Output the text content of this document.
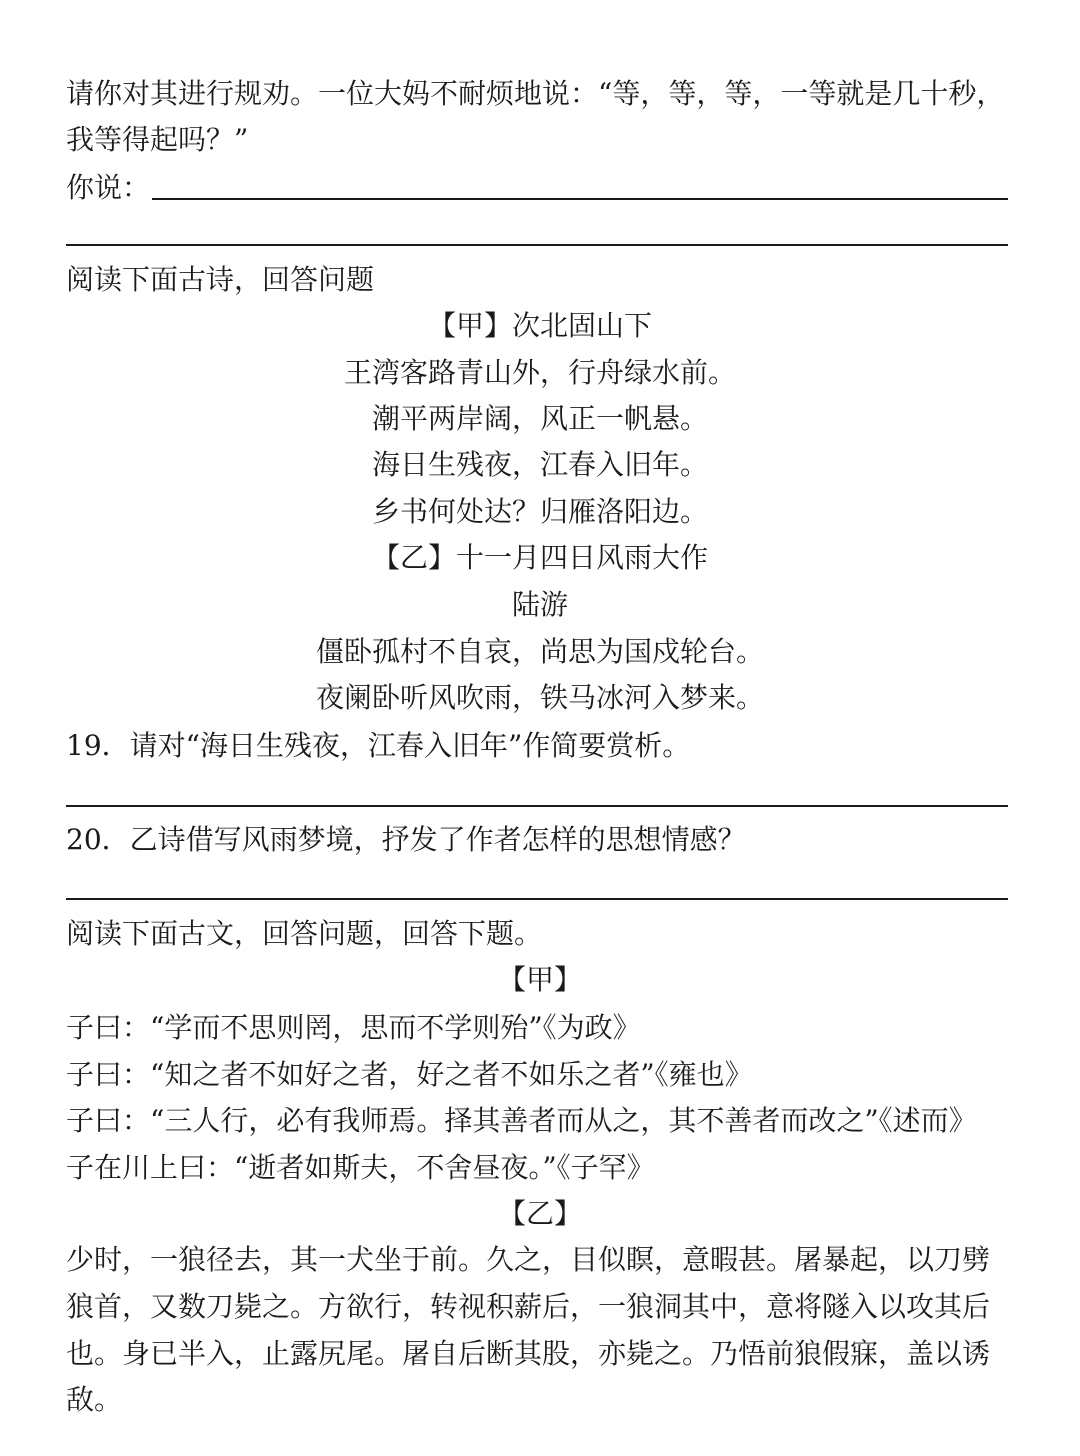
请你对其进行规劝。一位大妈不耐烦地说：“等，等，等，一等就是几十秒，
我等得起吗？”
你说：
阅读下面古诗，回答问题
【甲】次北固山下
王湾客路青山外，行舟绿水前。
潮平两岸阔，风正一帆悬。
海日生残夜，江春入旧年。
乡书何处达？归雁洛阳边。
【乙】十一月四日风雨大作
陆游
僵卧孤村不自哀，尚思为国戍轮台。
夜阑卧听风吹雨，铁马冰河入梦来。
19．请对“海日生残夜，江春入旧年”作简要赏析。
20．乙诗借写风雨梦境，抒发了作者怎样的思想情感？
阅读下面古文，回答问题，回答下题。
【甲】
子曰：“学而不思则罔，思而不学则殆”《为政》
子曰：“知之者不如好之者，好之者不如乐之者”《雍也》
子曰：“三人行，必有我师焉。择其善者而从之，其不善者而改之”《述而》
子在川上曰：“逝者如斯夫，不舍昼夜。”《子罕》
【乙】
少时，一狼径去，其一犬坐于前。久之，目似瞑，意暇甚。屠暴起，以刀劈
狼首，又数刀毙之。方欲行，转视积薪后，一狼洞其中，意将隧入以攻其后
也。身已半入，止露尻尾。屠自后断其股，亦毙之。乃悟前狼假寐，盖以诱
敌。
